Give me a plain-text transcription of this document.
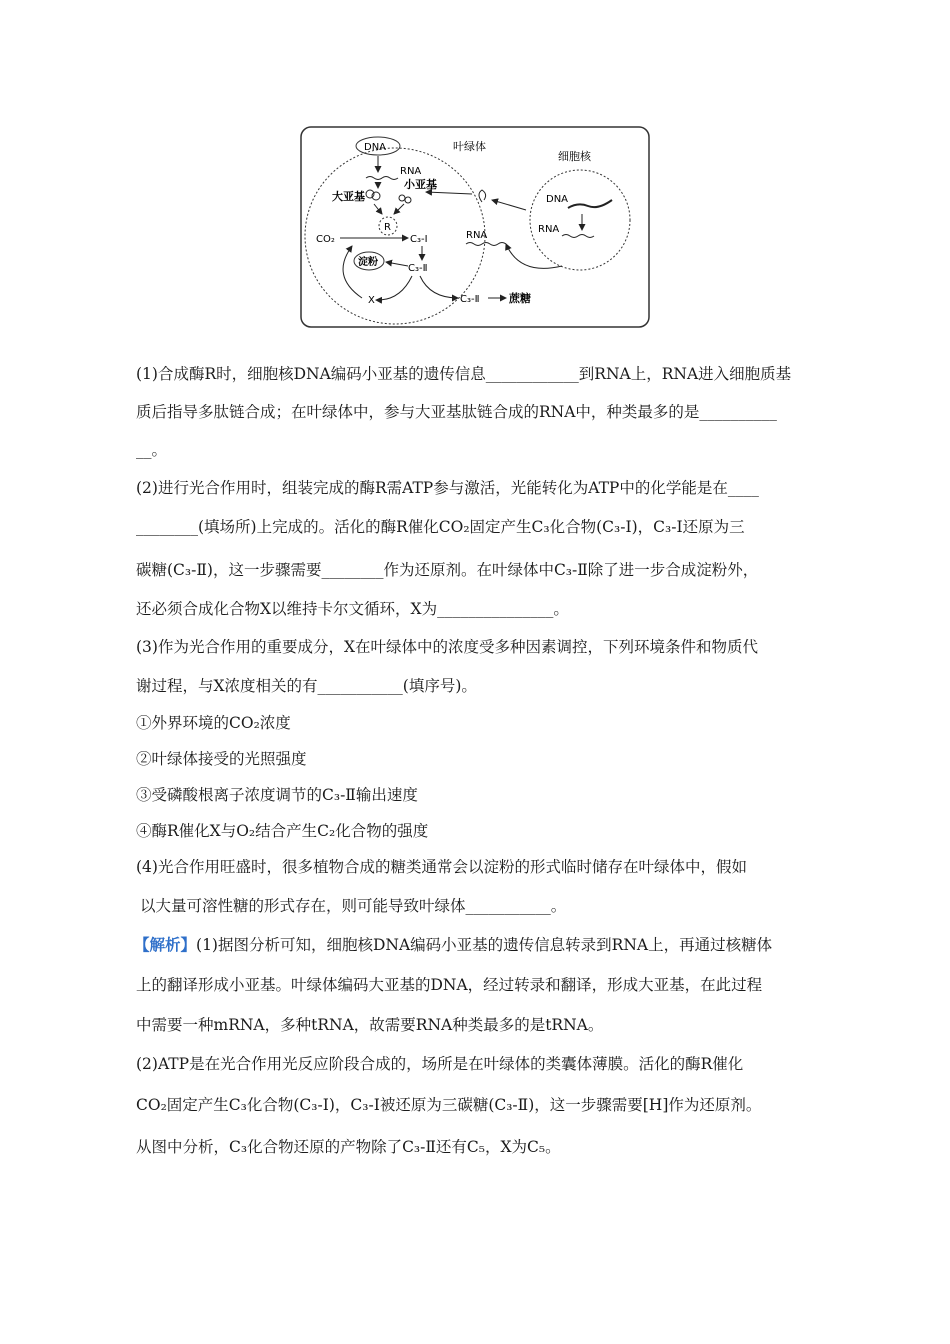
叶绿体
DNA
RNA
大亚基
小亚基
R
CO₂	C₃-Ⅰ
淀粉
C₃-Ⅱ
X	C₃-Ⅱ	蔗糖
细胞核
DNA
RNA
RNA
(1)合成酶R时，细胞核DNA编码小亚基的遗传信息____________到RNA上，RNA进入细胞质基
质后指导多肽链合成；在叶绿体中，参与大亚基肽链合成的RNA中，种类最多的是__________
__。
(2)进行光合作用时，组装完成的酶R需ATP参与激活，光能转化为ATP中的化学能是在____
________(填场所)上完成的。活化的酶R催化CO₂固定产生C₃化合物(C₃-Ⅰ)，C₃-Ⅰ还原为三
碳糖(C₃-Ⅱ)，这一步骤需要________作为还原剂。在叶绿体中C₃-Ⅱ除了进一步合成淀粉外，
还必须合成化合物X以维持卡尔文循环，X为_______________。
(3)作为光合作用的重要成分，X在叶绿体中的浓度受多种因素调控，下列环境条件和物质代
谢过程，与X浓度相关的有___________(填序号)。
①外界环境的CO₂浓度
②叶绿体接受的光照强度
③受磷酸根离子浓度调节的C₃-Ⅱ输出速度
④酶R催化X与O₂结合产生C₂化合物的强度
(4)光合作用旺盛时，很多植物合成的糖类通常会以淀粉的形式临时储存在叶绿体中，假如
以大量可溶性糖的形式存在，则可能导致叶绿体___________。
【解析】(1)据图分析可知，细胞核DNA编码小亚基的遗传信息转录到RNA上，再通过核糖体
上的翻译形成小亚基。叶绿体编码大亚基的DNA，经过转录和翻译，形成大亚基，在此过程
中需要一种mRNA，多种tRNA，故需要RNA种类最多的是tRNA。
(2)ATP是在光合作用光反应阶段合成的，场所是在叶绿体的类囊体薄膜。活化的酶R催化
CO₂固定产生C₃化合物(C₃-Ⅰ)，C₃-Ⅰ被还原为三碳糖(C₃-Ⅱ)，这一步骤需要[H]作为还原剂。
从图中分析，C₃化合物还原的产物除了C₃-Ⅱ还有C₅，X为C₅。
